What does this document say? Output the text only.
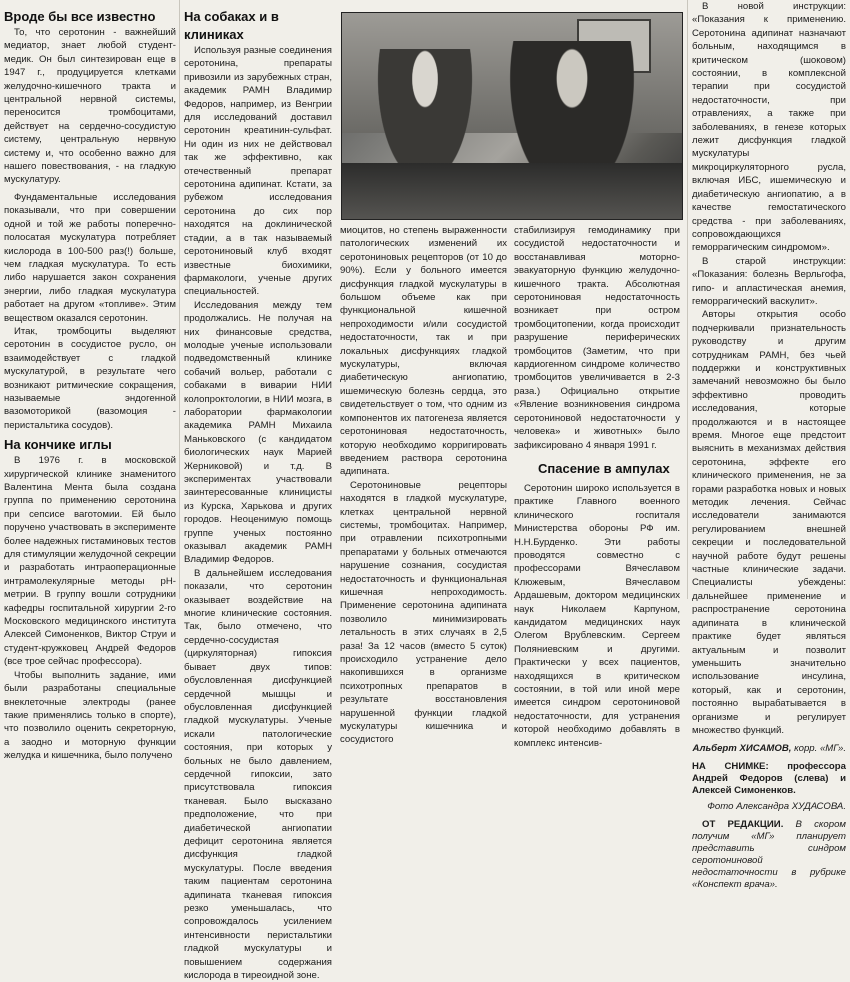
Вроде бы все известно

То, что серотонин - важнейший медиатор, знает любой студент-медик. Он был синтезирован еще в 1947 г., продуцируется клетками желудочно-кишечного тракта и центральной нервной системы, переносится тромбоцитами, действует на сердечно-сосудистую систему, центральную нервную систему и, что особенно важно для нашего повествования, - на гладкую мускулатуру.

Фундаментальные исследования показывали, что при совершении одной и той же работы поперечно-полосатая мускулатура потребляет кислорода в 100-500 раз(!) больше, чем гладкая мускулатура. То есть либо нарушается закон сохранения энергии, либо гладкая мускулатура работает на другом «топливе». Этим веществом оказался серотонин.

Итак, тромбоциты выделяют серотонин в сосудистое русло, он взаимодействует с гладкой мускулатурой, в результате чего возникают ритмические сокращения, называемые эндогенной вазомоторикой (вазомоция - перистальтика сосудов).

На кончике иглы

В 1976 г. в московской хирургической клинике знаменитого Валентина Мента была создана группа по применению серотонина при сепсисе ваготомии. Ей было поручено участвовать в эксперименте более надежных гистаминовых тестов для стимуляции желудочной секреции и разработать интраоперационные интрамолекулярные методы pH-метрии. В группу вошли сотрудники кафедры госпитальной хирургии 2-го Московского медицинского института Алексей Симоненков, Виктор Струи и студент-кружковец Андрей Федоров (все трое сейчас профессора).

Чтобы выполнить задание, ими были разработаны специальные внеклеточные электроды (ранее такие применялись только в спорте), что позволило оценить секреторную, а заодно и моторную функции желудка и кишечника, было получено

На собаках и в клиниках

Используя разные соединения серотонина, препараты привозили из зарубежных стран, академик РАМН Владимир Федоров, например, из Венгрии для исследований доставил серотонин креатинин-сульфат. Ни один из них не действовал так же эффективно, как отечественный препарат серотонина адипинат. Кстати, за рубежом исследования серотонина до сих пор находятся на доклинической стадии, а в так называемый серотониновый клуб входят известные биохимики, фармакологи, ученые других специальностей.

Исследования между тем продолжались. Не получая на них финансовые средства, молодые ученые использовали подведомственный клинике собачий вольер, работали с собаками в виварии НИИ колопроктологии, в НИИ мозга, в лаборатории фармакологии академика РАМН Михаила Маньковского (с кандидатом биологических наук Марией Жерниковой) и т.д. В экспериментах участвовали заинтересованные клиницисты из Курска, Харькова и других городов. Неоценимую помощь группе ученых постоянно оказывал академик РАМН Владимир Федоров.

В дальнейшем исследования показали, что серотонин оказывает воздействие на многие клинические состояния. Так, было отмечено, что сердечно-сосудистая (циркуляторная) гипоксия бывает двух типов: обусловленная дисфункцией сердечной мышцы и обусловленная дисфункцией гладкой мускулатуры. Ученые искали патологические состояния, при которых у больных не было давлением, сердечной гипоксии, зато присутствовала гипоксия тканевая. Было высказано предположение, что при диабетической ангиопатии дефицит серотонина является дисфункция гладкой мускулатуры. После введения таким пациентам серотонина адипината тканевая гипоксия резко уменьшалась, что сопровождалось усилением интенсивности перистальтики гладкой мускулатуры и повышением содержания кислорода в тиреоидной зоне.

миоцитов, но степень выраженности патологических изменений их серотониновых рецепторов (от 10 до 90%). Если у больного имеется дисфункция гладкой мускулатуры в большом объеме как при функциональной кишечной непроходимости и/или сосудистой недостаточности, так и при локальных дисфункциях гладкой мускулатуры, включая диабетическую ангиопатию, ишемическую болезнь сердца, это свидетельствует о том, что одним из компонентов их патогенеза является серотониновая недостаточность, которую необходимо корригировать введением раствора серотонина адипината.

Серотониновые рецепторы находятся в гладкой мускулатуре, клетках центральной нервной системы, тромбоцитах. Например, при отравлении психотропными препаратами у больных отмечаются нарушение сознания, сосудистая недостаточность и функциональная кишечная непроходимость. Применение серотонина адипината позволило минимизировать летальность в этих случаях в 2,5 раза! За 12 часов (вместо 5 суток) происходило устранение дело накопившихся в организме психотропных препаратов в результате восстановления нарушенной функции гладкой мускулатуры кишечника и сосудистого

стабилизируя гемодинамику при сосудистой недостаточности и восстанавливая моторно-эвакуаторную функцию желудочно-кишечного тракта. Абсолютная серотониновая недостаточность возникает при остром тромбоцитопении, когда происходит разрушение периферических тромбоцитов (Заметим, что при кардиогенном синдроме количество тромбоцитов увеличивается в 2-3 раза.) Официально открытие «Явление возникновения синдрома серотониновой недостаточности у человека» и животных» было зафиксировано 4 января 1991 г.

Спасение в ампулах

Серотонин широко используется в практике Главного военного клинического госпиталя Министерства обороны РФ им. Н.Н.Бурденко. Эти работы проводятся совместно с профессорами Вячеславом Клюжевым, Вячеславом Ардашевым, доктором медицинских наук Николаем Карпуном, кандидатом медицинских наук Олегом Врублевским. Сергеем Поляниевским и другими. Практически у всех пациентов, находящихся в критическом состоянии, в той или иной мере имеется синдром серотониновой недостаточности, для устранения которой необходимо добавлять в комплекс интенсив-

В новой инструкции: «Показания к применению. Серотонина адипинат назначают больным, находящимся в критическом (шоковом) состоянии, в комплексной терапии при сосудистой недостаточности, при отравлениях, а также при заболеваниях, в генезе которых лежит дисфункция гладкой мускулатуры микроциркуляторного русла, включая ИБС, ишемическую и диабетическую ангиопатию, а в качестве гемостатического средства - при заболеваниях, сопровождающихся геморрагическим синдромом».

В старой инструкции: «Показания: болезнь Верльгофа, гипо- и апластическая анемия, геморрагический васкулит».

Авторы открытия особо подчеркивали признательность руководству и другим сотрудникам РАМН, без чьей поддержки и конструктивных замечаний невозможно бы было эффективно проводить исследования, которые продолжаются и в настоящее время. Многое еще предстоит выяснить в механизмах действия серотонина, эффекте его клинического применения, не за горами разработка новых и новых методик лечения. Сейчас исследователи занимаются регулированием внешней секреции и последовательной научной работе будут решены частные клинические задачи. Специалисты убеждены: дальнейшее применение и распространение серотонина адипината в клинической практике будет являться актуальным и позволит уменьшить значительно использование инсулина, который, как и серотонин, постоянно вырабатывается в организме и регулирует множество функций.

Альберт ХИСАМОВ, корр. «МГ».

НА СНИМКЕ: профессора Андрей Федоров (слева) и Алексей Симоненков.

Фото Александра ХУДАСОВА.

ОТ РЕДАКЦИИ. В скором получим «МГ» планирует представить синдром серотониновой недостаточности в рубрике «Конспект врача».
